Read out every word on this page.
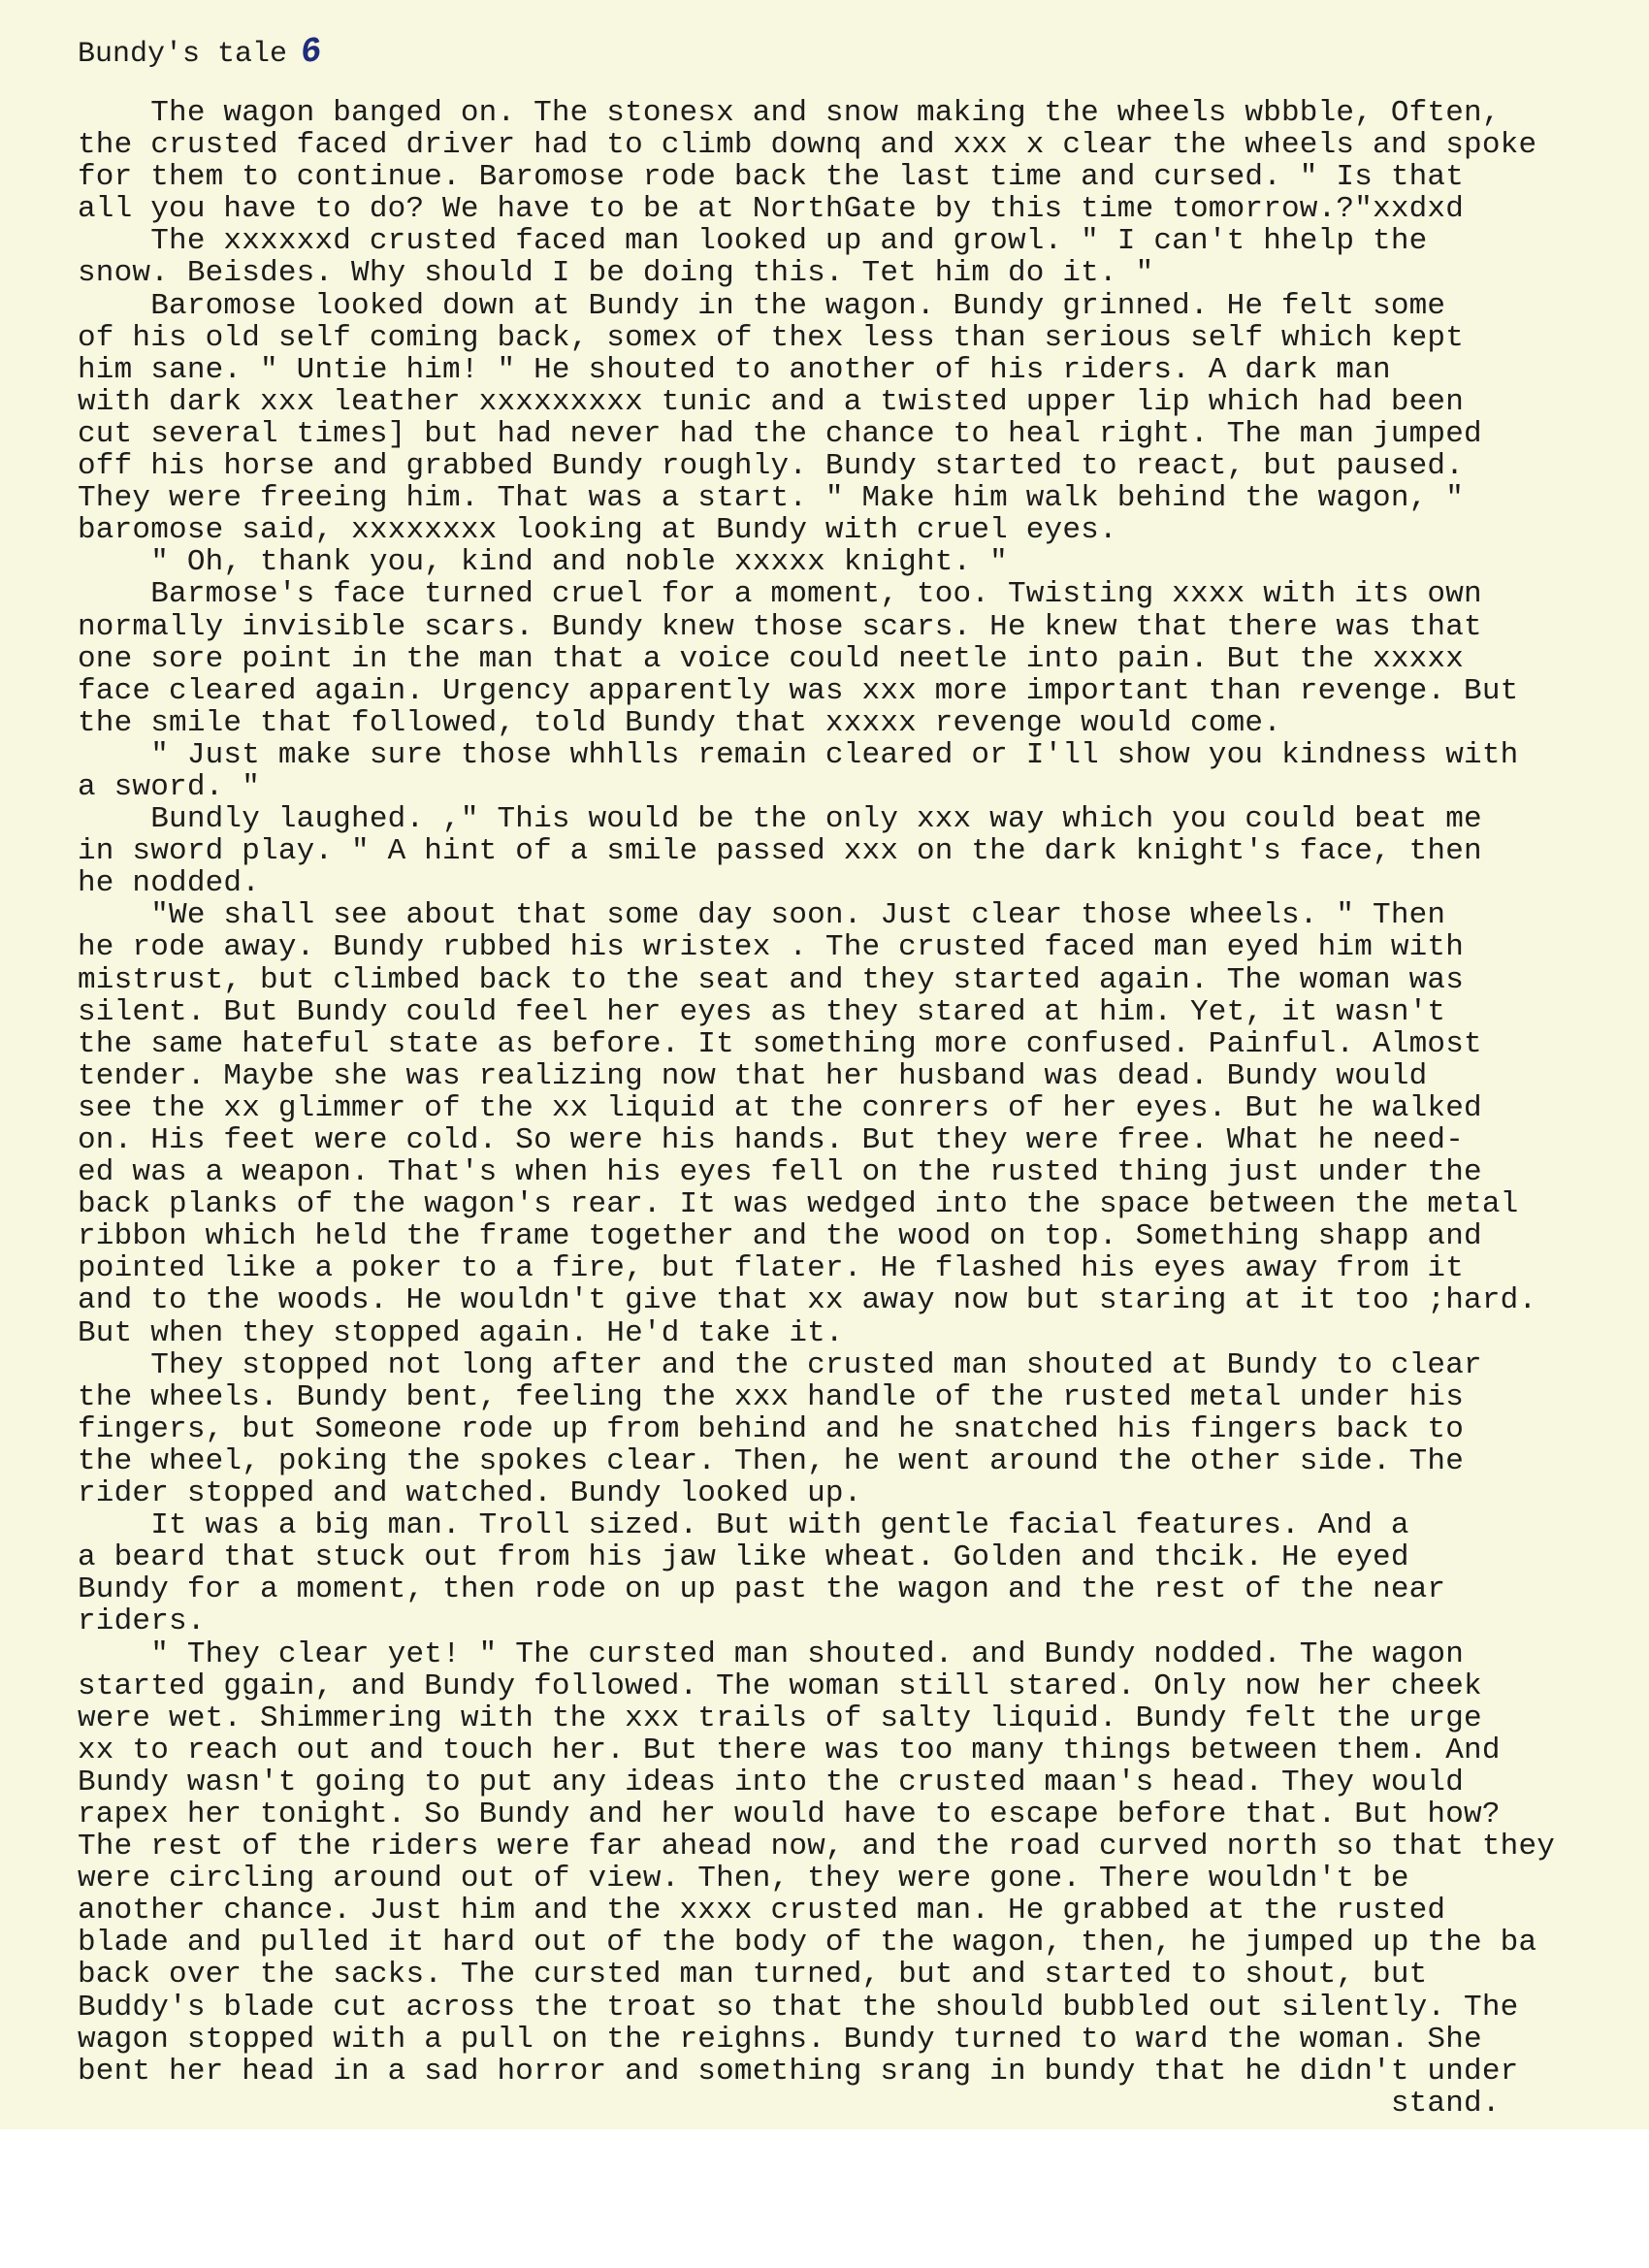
Bundy's tale 6
The wagon banged on. The stonesx and snow making the wheels wbbble, Often,
the crusted faced driver had to climb downq and xxx x clear the wheels and spoke
for them to continue. Baromose rode back the last time and cursed. " Is that
all you have to do? We have to be at NorthGate by this time tomorrow.?"xxdxd
The xxxxxxd crusted faced man looked up and growl. " I can't hhelp the
snow. Beisdes. Why should I be doing this. Tet him do it. "
Baromose looked down at Bundy in the wagon. Bundy grinned. He felt some
of his old self coming back, somex of thex less than serious self which kept
him sane. " Untie him! " He shouted to another of his riders. A dark man
with dark xxx leather xxxxxxxxx tunic and a twisted upper lip which had been
cut several times] but had never had the chance to heal right. The man jumped
off his horse and grabbed Bundy roughly. Bundy started to react, but paused.
They were freeing him. That was a start. " Make him walk behind the wagon, "
baromose said, xxxxxxxx looking at Bundy with cruel eyes.
" Oh, thank you, kind and noble xxxxx knight. "
Barmose's face turned cruel for a moment, too. Twisting xxxx with its own
normally invisible scars. Bundy knew those scars. He knew that there was that
one sore point in the man that a voice could neetle into pain. But the xxxxx
face cleared again. Urgency apparently was xxx more important than revenge. But
the smile that followed, told Bundy that xxxxx revenge would come.
" Just make sure those whhlls remain cleared or I'll show you kindness with
a sword. "
Bundly laughed. ," This would be the only xxx way which you could beat me
in sword play. " A hint of a smile passed xxx on the dark knight's face, then
he nodded.
"We shall see about that some day soon. Just clear those wheels. " Then
he rode away. Bundy rubbed his wristex . The crusted faced man eyed him with
mistrust, but climbed back to the seat and they started again. The woman was
silent. But Bundy could feel her eyes as they stared at him. Yet, it wasn't
the same hateful state as before. It something more confused. Painful. Almost
tender. Maybe she was realizing now that her husband was dead. Bundy would
see the xx glimmer of the xx liquid at the conrers of her eyes. But he walked
on. His feet were cold. So were his hands. But they were free. What he need-
ed was a weapon. That's when his eyes fell on the rusted thing just under the
back planks of the wagon's rear. It was wedged into the space between the metal
ribbon which held the frame together and the wood on top. Something shapp and
pointed like a poker to a fire, but flater. He flashed his eyes away from it
and to the woods. He wouldn't give that xx away now but staring at it too ;hard.
But when they stopped again. He'd take it.
They stopped not long after and the crusted man shouted at Bundy to clear
the wheels. Bundy bent, feeling the xxx handle of the rusted metal under his
fingers, but Someone rode up from behind and he snatched his fingers back to
the wheel, poking the spokes clear. Then, he went around the other side. The
rider stopped and watched. Bundy looked up.
It was a big man. Troll sized. But with gentle facial features. And a
a beard that stuck out from his jaw like wheat. Golden and thcik. He eyed
Bundy for a moment, then rode on up past the wagon and the rest of the near
riders.
" They clear yet! " The cursted man shouted. and Bundy nodded. The wagon
started ggain, and Bundy followed. The woman still stared. Only now her cheek
were wet. Shimmering with the xxx trails of salty liquid. Bundy felt the urge
xx to reach out and touch her. But there was too many things between them. And
Bundy wasn't going to put any ideas into the crusted maan's head. They would
rapex her tonight. So Bundy and her would have to escape before that. But how?
The rest of the riders were far ahead now, and the road curved north so that they
were circling around out of view. Then, they were gone. There wouldn't be
another chance. Just him and the xxxx crusted man. He grabbed at the rusted
blade and pulled it hard out of the body of the wagon, then, he jumped up the ba
back over the sacks. The cursted man turned, but and started to shout, but
Buddy's blade cut across the troat so that the should bubbled out silently. The
wagon stopped with a pull on the reighns. Bundy turned to ward the woman. She
bent her head in a sad horror and something srang in bundy that he didn't under
stand.
